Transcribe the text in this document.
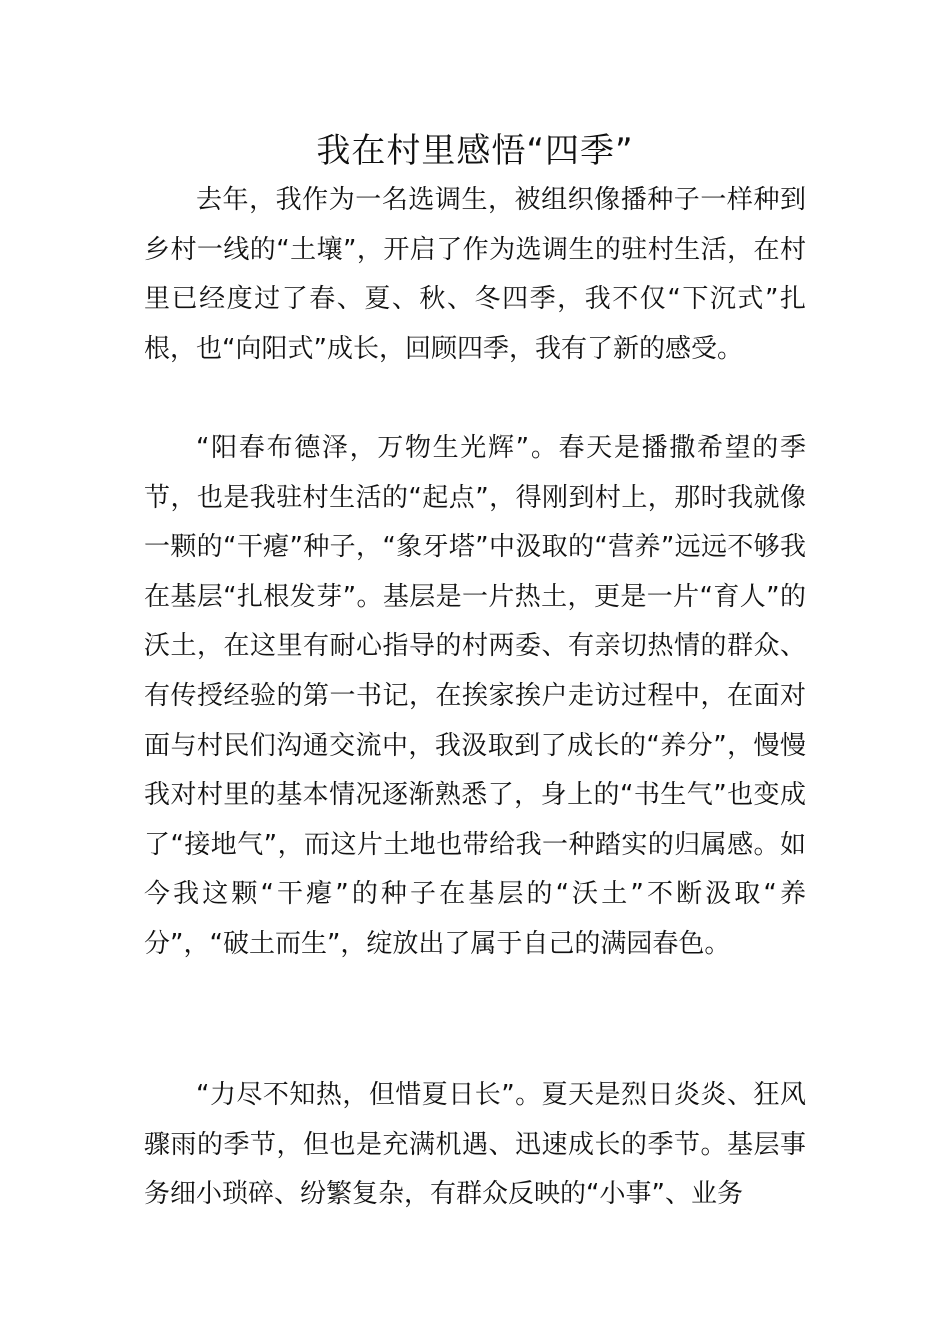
我在村里感悟“四季”

去年，我作为一名选调生，被组织像播种子一样种到乡村一线的“土壤”，开启了作为选调生的驻村生活，在村里已经度过了春、夏、秋、冬四季，我不仅“下沉式”扎根，也“向阳式”成长，回顾四季，我有了新的感受。

“阳春布德泽，万物生光辉”。春天是播撒希望的季节，也是我驻村生活的“起点”，得刚到村上，那时我就像一颗的“干瘪”种子，“象牙塔”中汲取的“营养”远远不够我在基层“扎根发芽”。基层是一片热土，更是一片“育人”的沃土，在这里有耐心指导的村两委、有亲切热情的群众、有传授经验的第一书记，在挨家挨户走访过程中，在面对面与村民们沟通交流中，我汲取到了成长的“养分”，慢慢我对村里的基本情况逐渐熟悉了，身上的“书生气”也变成了“接地气”，而这片土地也带给我一种踏实的归属感。如今我这颗“干瘪”的种子在基层的“沃土”不断汲取“养分”，“破土而生”，绽放出了属于自己的满园春色。

“力尽不知热，但惜夏日长”。夏天是烈日炎炎、狂风骤雨的季节，但也是充满机遇、迅速成长的季节。基层事务细小琐碎、纷繁复杂，有群众反映的“小事”、业务
